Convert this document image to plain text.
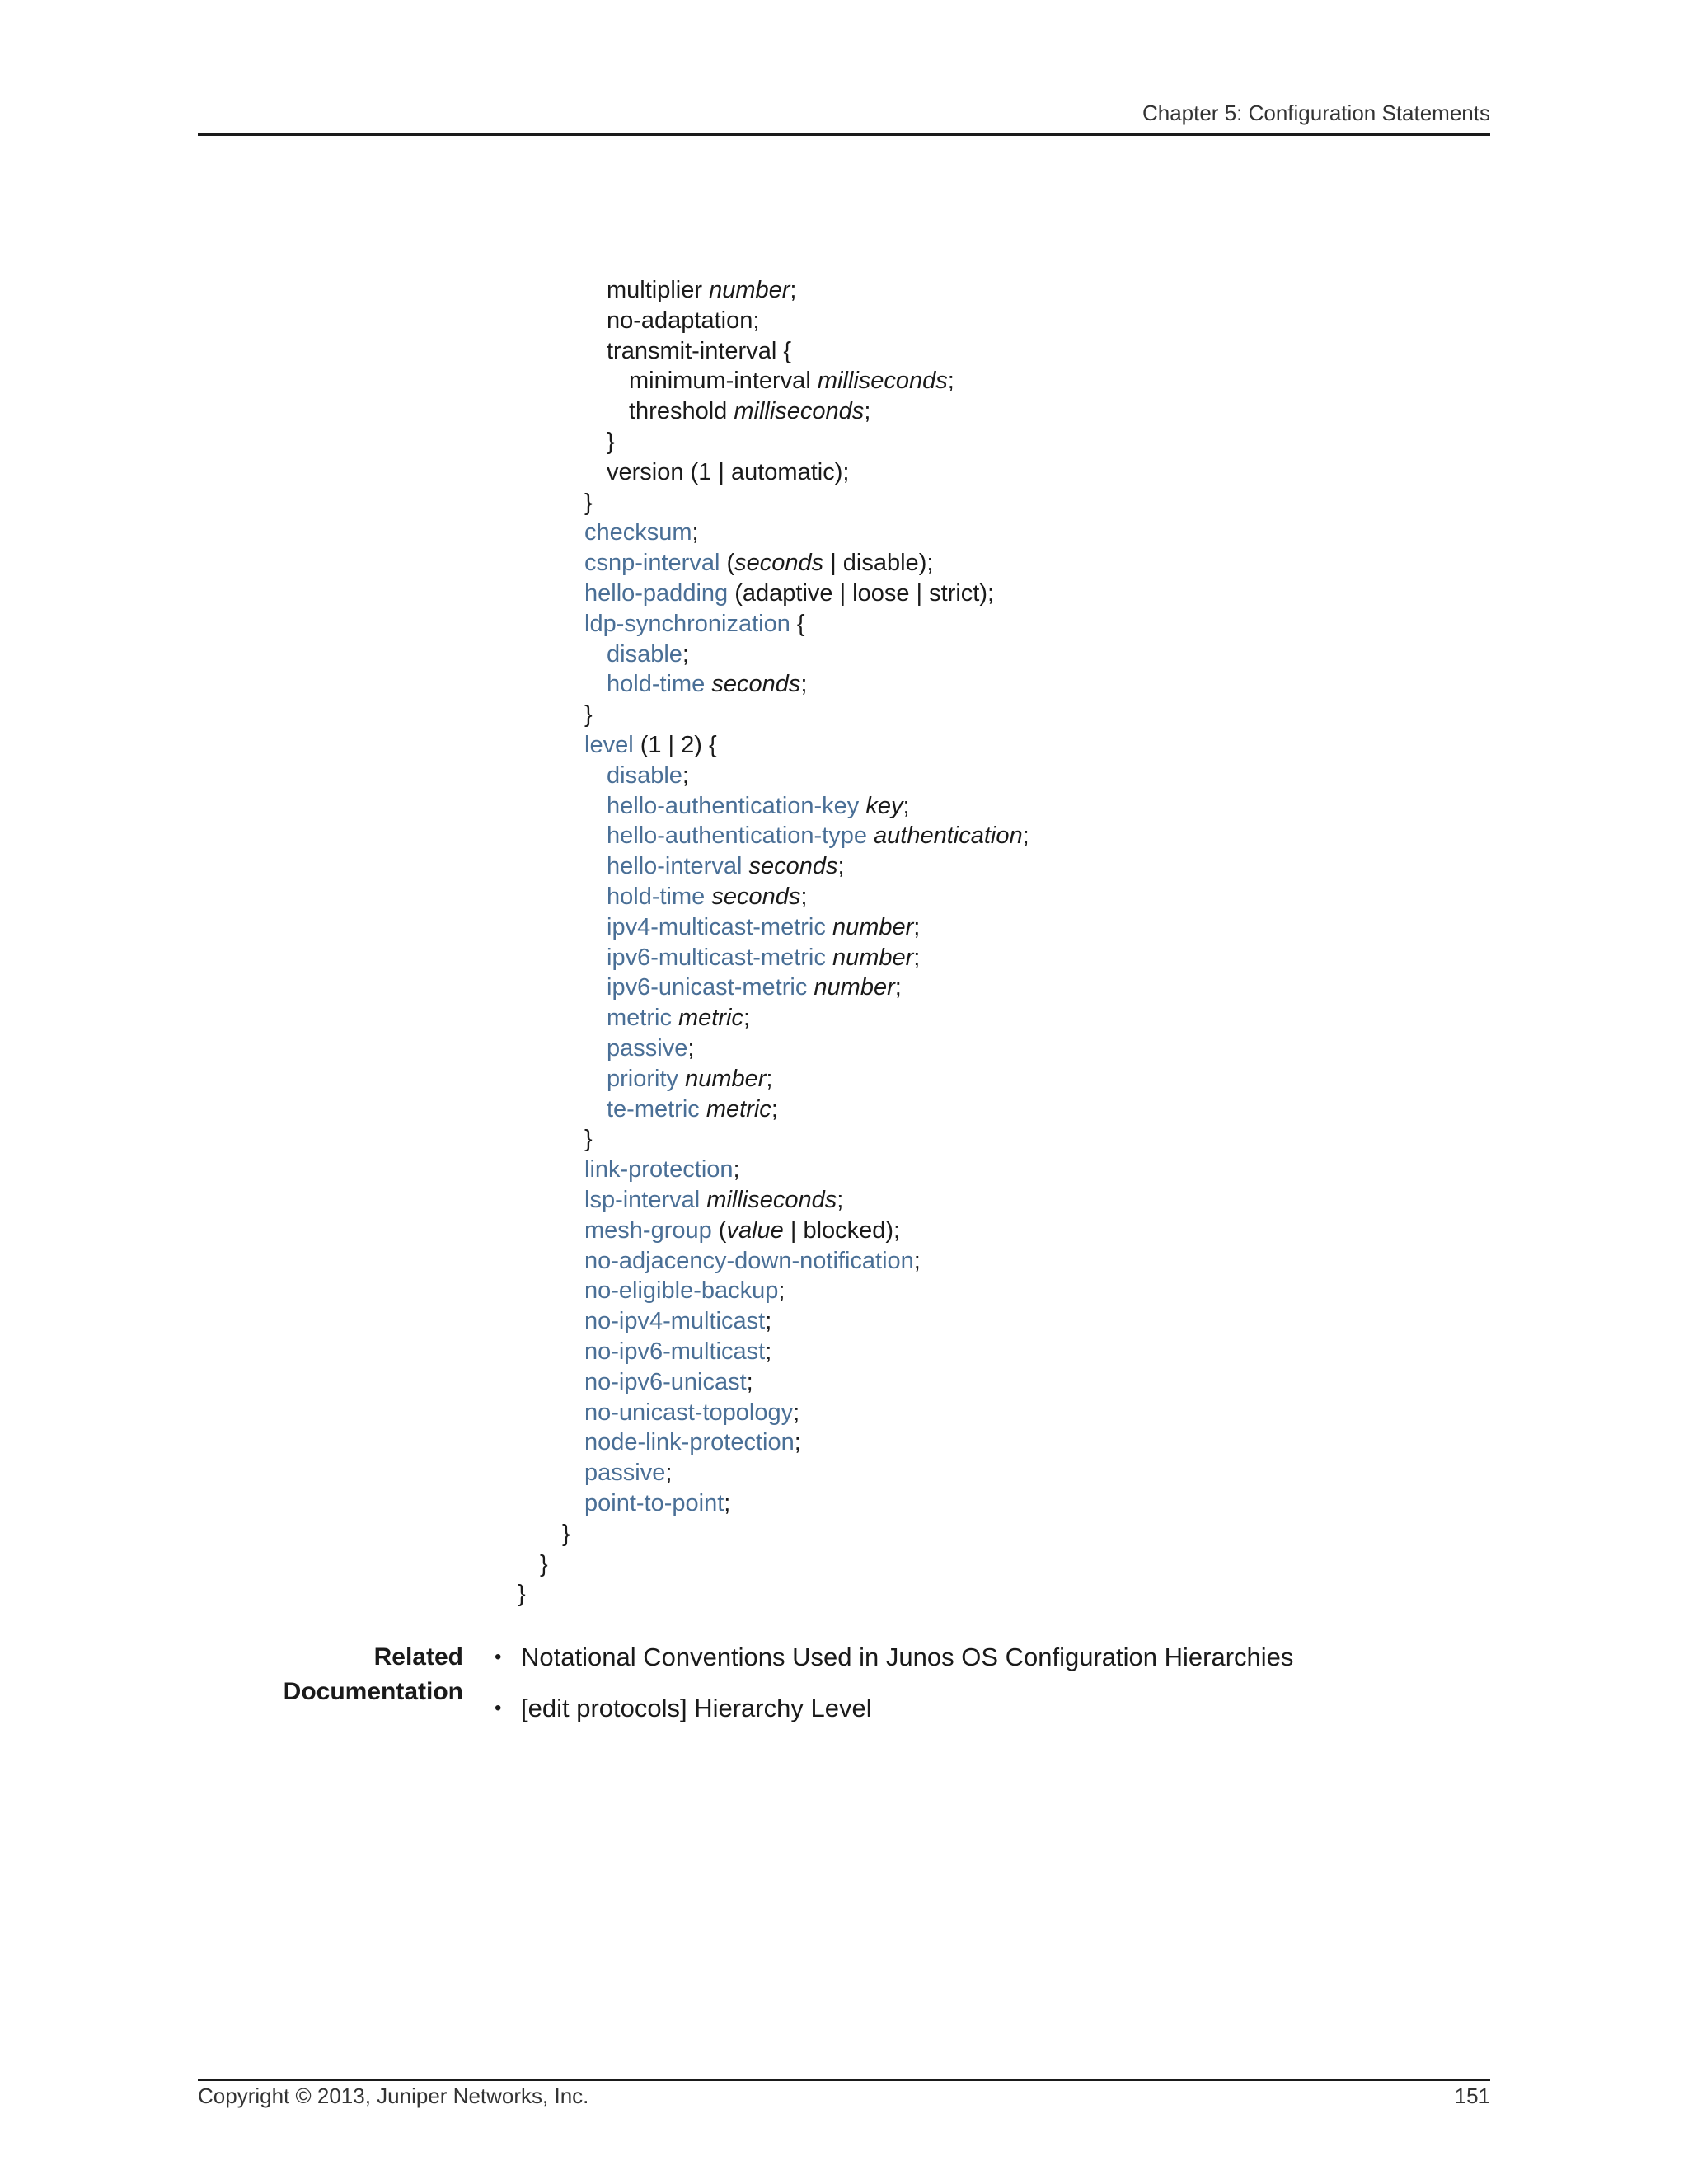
Chapter 5: Configuration Statements
multiplier number;
no-adaptation;
transmit-interval {
minimum-interval milliseconds;
threshold milliseconds;
}
version (1 | automatic);
}
checksum;
csnp-interval (seconds | disable);
hello-padding (adaptive | loose | strict);
ldp-synchronization {
disable;
hold-time seconds;
}
level (1 | 2) {
disable;
hello-authentication-key key;
hello-authentication-type authentication;
hello-interval seconds;
hold-time seconds;
ipv4-multicast-metric number;
ipv6-multicast-metric number;
ipv6-unicast-metric number;
metric metric;
passive;
priority number;
te-metric metric;
}
link-protection;
lsp-interval milliseconds;
mesh-group (value | blocked);
no-adjacency-down-notification;
no-eligible-backup;
no-ipv4-multicast;
no-ipv6-multicast;
no-ipv6-unicast;
no-unicast-topology;
node-link-protection;
passive;
point-to-point;
}
}
}
Related
Documentation
• Notational Conventions Used in Junos OS Configuration Hierarchies
• [edit protocols] Hierarchy Level
Copyright © 2013, Juniper Networks, Inc.	151
